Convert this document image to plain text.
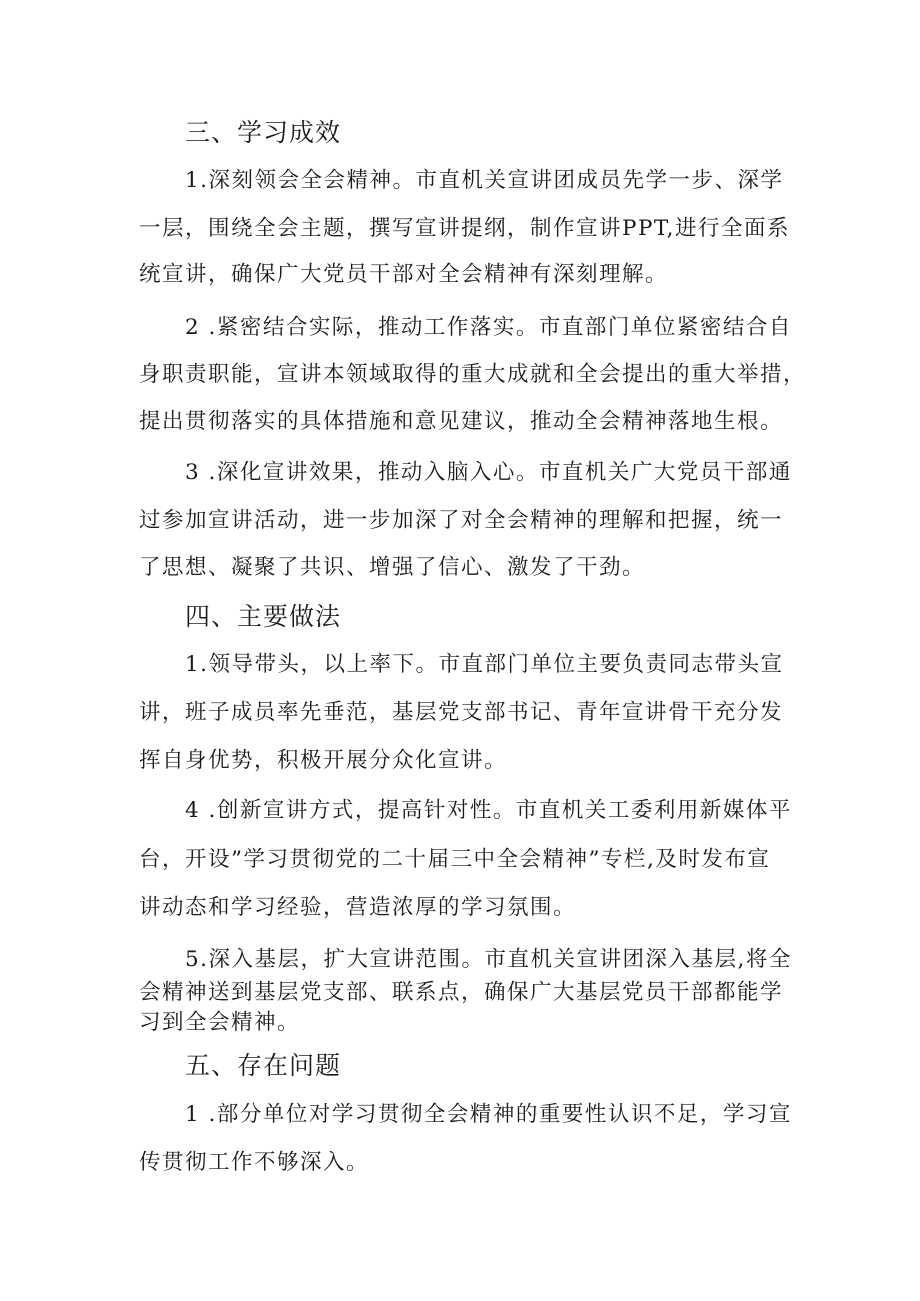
三、学习成效
1.深刻领会全会精神。市直机关宣讲团成员先学一步、深学
一层，围绕全会主题，撰写宣讲提纲，制作宣讲PPT,进行全面系
统宣讲，确保广大党员干部对全会精神有深刻理解。
2 .紧密结合实际，推动工作落实。市直部门单位紧密结合自
身职责职能，宣讲本领域取得的重大成就和全会提出的重大举措，
提出贯彻落实的具体措施和意见建议，推动全会精神落地生根。
3 .深化宣讲效果，推动入脑入心。市直机关广大党员干部通
过参加宣讲活动，进一步加深了对全会精神的理解和把握，统一
了思想、凝聚了共识、增强了信心、激发了干劲。
四、主要做法
1.领导带头，以上率下。市直部门单位主要负责同志带头宣
讲，班子成员率先垂范，基层党支部书记、青年宣讲骨干充分发
挥自身优势，积极开展分众化宣讲。
4 .创新宣讲方式，提高针对性。市直机关工委利用新媒体平
台，开设”学习贯彻党的二十届三中全会精神”专栏,及时发布宣
讲动态和学习经验，营造浓厚的学习氛围。
5.深入基层，扩大宣讲范围。市直机关宣讲团深入基层,将全
会精神送到基层党支部、联系点，确保广大基层党员干部都能学
习到全会精神。
五、存在问题
1 .部分单位对学习贯彻全会精神的重要性认识不足，学习宣
传贯彻工作不够深入。
